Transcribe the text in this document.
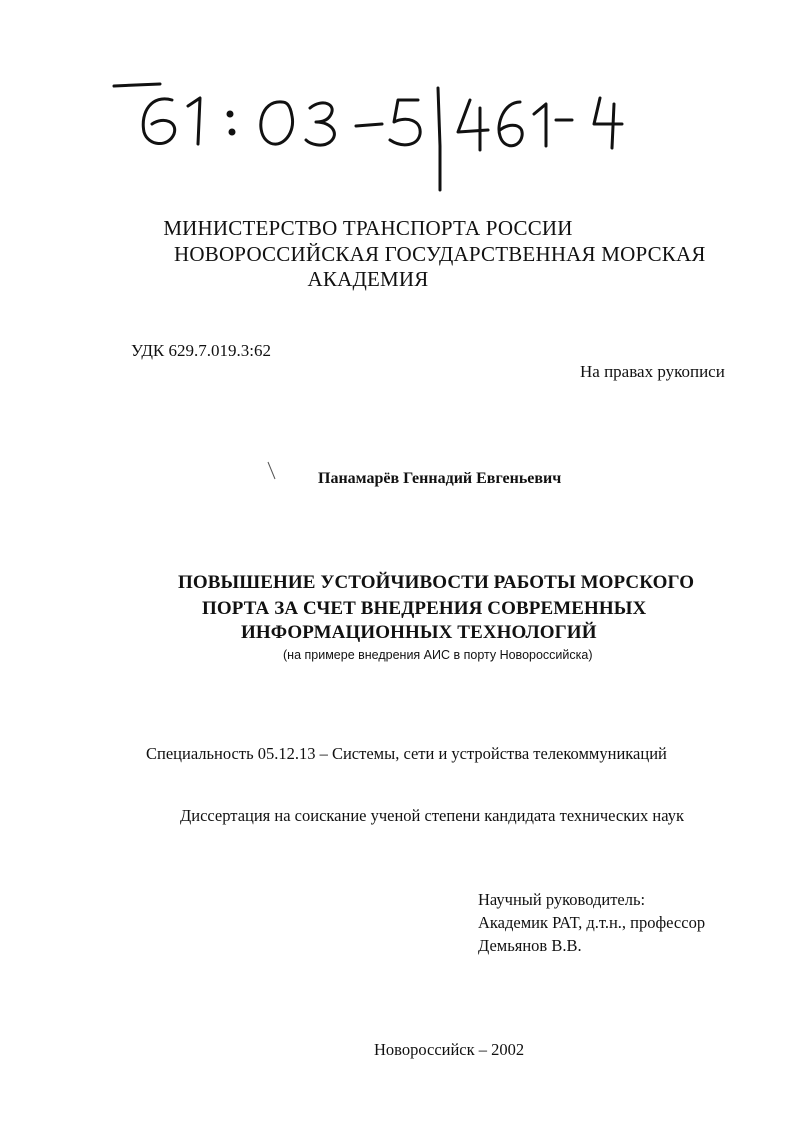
МИНИСТЕРСТВО ТРАНСПОРТА РОССИИ
НОВОРОССИЙСКАЯ ГОСУДАРСТВЕННАЯ МОРСКАЯ
АКАДЕМИЯ
УДК 629.7.019.3:62
На правах рукописи
Панамарёв Геннадий Евгеньевич
ПОВЫШЕНИЕ УСТОЙЧИВОСТИ РАБОТЫ МОРСКОГО
ПОРТА ЗА СЧЕТ ВНЕДРЕНИЯ СОВРЕМЕННЫХ
ИНФОРМАЦИОННЫХ ТЕХНОЛОГИЙ
(на примере внедрения АИС в порту Новороссийска)
Специальность 05.12.13 – Системы, сети и устройства телекоммуникаций
Диссертация на соискание ученой степени кандидата технических наук
Научный руководитель:
Академик РАТ, д.т.н., профессор
Демьянов В.В.
Новороссийск – 2002
